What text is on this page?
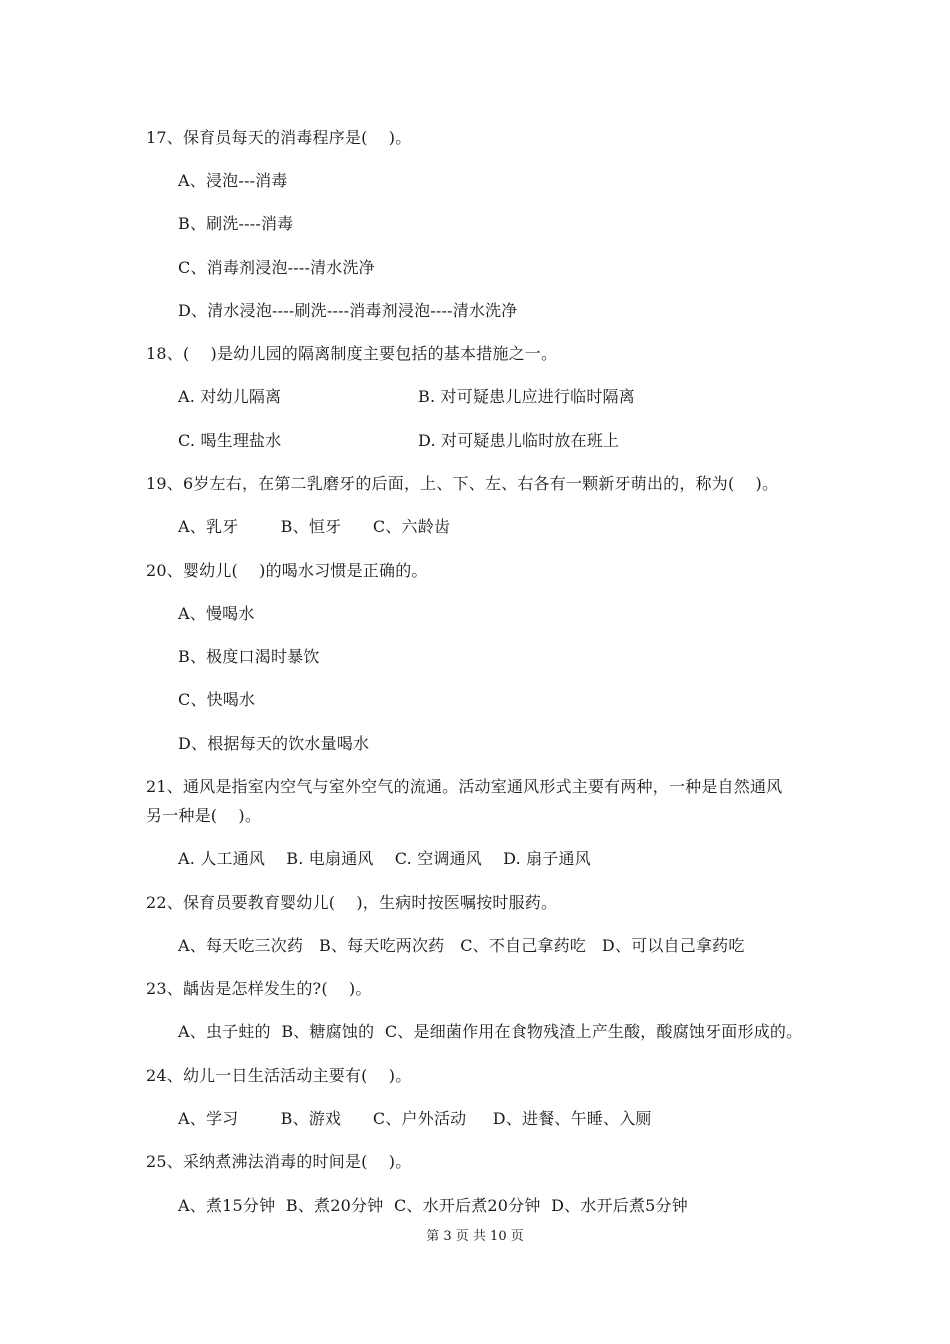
17、保育员每天的消毒程序是(    )。
A、浸泡---消毒
B、刷洗----消毒
C、消毒剂浸泡----清水洗净
D、清水浸泡----刷洗----消毒剂浸泡----清水洗净
18、(    )是幼儿园的隔离制度主要包括的基本措施之一。
A. 对幼儿隔离	B. 对可疑患儿应进行临时隔离
C. 喝生理盐水	D. 对可疑患儿临时放在班上
19、6岁左右，在第二乳磨牙的后面，上、下、左、右各有一颗新牙萌出的，称为(    )。
A、乳牙        B、恒牙      C、六龄齿
20、婴幼儿(    )的喝水习惯是正确的。
A、慢喝水
B、极度口渴时暴饮
C、快喝水
D、根据每天的饮水量喝水
21、通风是指室内空气与室外空气的流通。活动室通风形式主要有两种，一种是自然通风
另一种是(    )。
A. 人工通风    B. 电扇通风    C. 空调通风    D. 扇子通风
22、保育员要教育婴幼儿(    )，生病时按医嘱按时服药。
A、每天吃三次药   B、每天吃两次药   C、不自己拿药吃   D、可以自己拿药吃
23、龋齿是怎样发生的?(    )。
A、虫子蛀的  B、糖腐蚀的  C、是细菌作用在食物残渣上产生酸，酸腐蚀牙面形成的。
24、幼儿一日生活活动主要有(    )。
A、学习        B、游戏      C、户外活动     D、进餐、午睡、入厕
25、采纳煮沸法消毒的时间是(    )。
A、煮15分钟  B、煮20分钟  C、水开后煮20分钟  D、水开后煮5分钟
第 3 页 共 10 页
